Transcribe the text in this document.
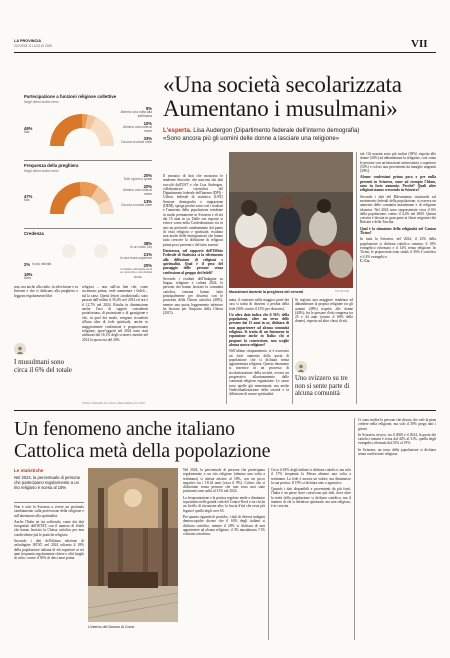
LA PROVINCIA
GIOVEDÌ 11 LUGLIO 2025	VII
Partecipazione a funzioni religiose collettive
Negli ultimi dodici mesi
49%
Mai
8%
Almeno una volta alla settimana
10%
Almeno una volta al mese
33%
Da una a undici volte
Frequenza della preghiera
Negli ultimi dodici mesi
47%
Mai
20%
Tutti i giorni o quasi
20%
Almeno una volta al mese
13%
Da una a undici volte
Credenza
2% In più divinità
19%
Atea
38%
In un unico Dio
21%
In una forza superiore
20%
In dubbio sull'esistenza di un unico Dio o più divinità
MORE
non, ma anche allo radio, in televisione e su Internet e che si dedicano alla preghiera o leggono regolarmente libri
religiosi – non sull'on line che, come accennato prima, vede aumentare i fedeli – sul la carta. Questi lettori «tradizionali» sono passati dall'ordine il 56,4% nel 2014 ed ora è il 12,7% nel 2024. Risulta in diminuzione anche l'uso di oggetti considerati portafortuna, di protezione o di guarigione e che, in quel dei modo, vengono ricondotti all'una idea di fede spirituale, anche se maggiormente confermate e proporzionato religione, quest'oggetti nel 2024 sono stati utilizzati dal 16,1% degli svizzeri, mentre nel 2014 la quota era del 26%.
I musulmani sono circa il 6% del totale
FONTE: INDAGINE SU LINGUA, RELIGIONE E CULTURA
«Una società secolarizzata
Aumentano i musulmani»
L'esperta. Lisa Audergon (Dipartimento federale dell'interno demografia)
«Sono ancora più gli uomini delle donne a lasciare una religione»

Il mosaico di dati che mostrano le tendenze descritte, che nascono dai dati raccolti dall'UST e che Lisa Audergon, collaboratrice scientifica del Dipartimento federale dell'interno (DFI) - Ufficio federale di statistica (UST) Sezione demografia e migrazione (DEM), spiega perché sono così i risultati e l'aumento della popolazione residente in modo permanente in Svizzera e di età dai 15 anni in su. Dalle sue risposte si evince come nella Confederazione sia in atto un profondo cambiamento dal punto di vista religioso e spirituale, risultato non anche delle immigrazioni che hanno fatto crescere la diffusione di religioni prima poco presenti o del tutto assenti.

Dottoressa, nel rapporto dell'Ufficio Federale di Statistica si fa riferimento alla diffusione di religioni e spiritualità. Qual è il peso del passaggio delle persone senza confessione al gruppo dei fedeli?

Secondo i risultati dell'Indagine su lingua, religione e cultura 2024, le persone che hanno lasciato la comunità cattolica romana hanno fatto principalmente per dissensi con le posizioni della Chiesa cattolica (48%), mentre una quota leggermente inferiore ha lasciato per l'imposta della Chiesa (2015).

Musulmani durante la preghiera del venerdì	KEYSTONE

mata, il contrario nella maggior parte dei casi si tratta di dissensi o perdita della fede (36% contro il 13% per dissenso).

Un altro dato indica che il 56% della popolazione, oltre un terzo delle persone dai 15 anni in su, dichiara di non appartenere ad alcuna comunità religiosa. Si tratta di un fenomeno in espansione anche in Italia: chi si propone la conversione, non sceglie alcuna nuova religione?

Nell'ultimo cinquantennio, si è osservato un forte aumento della quota di popolazione che si dichiara senza appartenenza religiosa. Questo fenomeno si inserisce in un processo di secolarizzazione della società, ovvero un progressivo allontanamento dalle comunità religiose organizzate. Le cause sono quelle già menzionate, ma anche l'individualizzazione della società e la diffusione di nuove spiritualità.

Si registra una maggiore tendenza ad abbandonare la propria religione tra gli uomini (48%) rispetto alle donne (44%); fra le persone d'età compresa tra 25 e 44 anni (contro il 60% delle donne), rispetto ad altre classi di età.

Uno svizzero su tre non si sente parte di alcuna comunità

età. Gli uomini sono più inclini (38%) rispetto alle donne (34%) ad abbandonare la religione, così come le persone con un'istruzione universitaria o superiore (52%) e coloro non provenienti da famiglie migranti (39%).

Alcune confessioni prima poco o per nulla presenti in Svizzera, come ad esempio l'Islam, sono in forte aumento. Perché? Quali altre religioni stanno crescendo in Svizzera?

Secondo i dati del Rilevamento strutturale sul movimento federali della popolazione, si osserva un aumento delle comunità musulmane e di religione islamica. Nel 2024 sono rappresentate circa il 6% della popolazione, contro il 4,4% nel 2000. Questa crescita è dovuta in gran parte ai flussi migratori dei Balcani e della Turchia.

Qual è la situazione della religiosità nel Canton Ticino?

In tutta la Svizzera, nel 2024, il 23% della popolazione si dichiara cattolico romano, il 18% evangelico riformato e il 14% senza religione. In Ticino, le proporzioni sono simili, il 56% è cattolico e il 4% evangelico.

C. Ca.

Un fenomeno anche italiano
Cattolica metà della popolazione
Le statistiche
Nel 2024, la percentuale di persone che partecipano regolarmente a un rito religioso è scesa al 18%

Non è solo la Svizzera a vivere un profondo cambiamento sulla professione della religione e sull'attenzione alla spiritualità.

Anche l'Italia ne sta soffrendo, come dai dati fotografati dell'ISTAT, con il numero di fedeli che hanno lasciato la Chiesa cattolica per non condividerne più le pratiche religiose.

Secondo i dati dell'ultima edizione di un'indagine ISTAT, nel 2024 soltanto il 18% della popolazione italiana di età superiore ai sei anni frequenta regolarmente chiese o altri luoghi di culto, contro il 30% di dieci anni prima.

L'interno del Duomo di Como

Nel 2024, la percentuale di persone che partecipano regolarmente a un rito religioso (almeno una volta a settimana) si attesta attorno al 18%, con un picco negativo tra i 18-24 anni (circa il 9%). Coloro che si dichiarano senza persone che non sono mai state praticanti sono saliti al 31% nel 2024.

La frequentazione e la pratica regolare tende a diminuire soprattutto nelle grandi città del Centro-Nord e tra chi ha un livello di istruzione alto; la fascia d'età che resta più legata è quella degli over 65.

Per quanto riguarda le pratiche, i dati di diverse indagini demoscopiche dicono che il 63% degli italiani si dichiara cattolico, mentre il 20% si dichiara di non appartenere ad alcuna religione, il 3% musulmano, l'1% cristiano ortodosso.

Circa il 63% degli italiani si dichiara cattolico, ma solo il 17% frequenta la Messa almeno una volta a settimana. La fede è ancora un valore, ma diminuisce la sua pratica. Il 19% si dichiara ateo o agnostico.

Quando i dati disponibili e provenienti da più fonti, l'Italia è un paese dove convivono più fedi, dove oltre la metà della popolazione si dichiara cattolica, ma il numero di chi si definisce spirituale, ma non religioso, è in crescita.

Ci sono inoltre le persone che dicono che vale la pena credere nella religione, ma solo il 30% prega tutti i giorni.

In Svizzera, invece, tra il 2000 e il 2024, la quota dei cattolici romani è scesa dal 42% al 31%, quella degli evangelici riformati dal 33% al 19%.

In Svizzera, un terzo della popolazione si dichiara senza confessione religiosa.
